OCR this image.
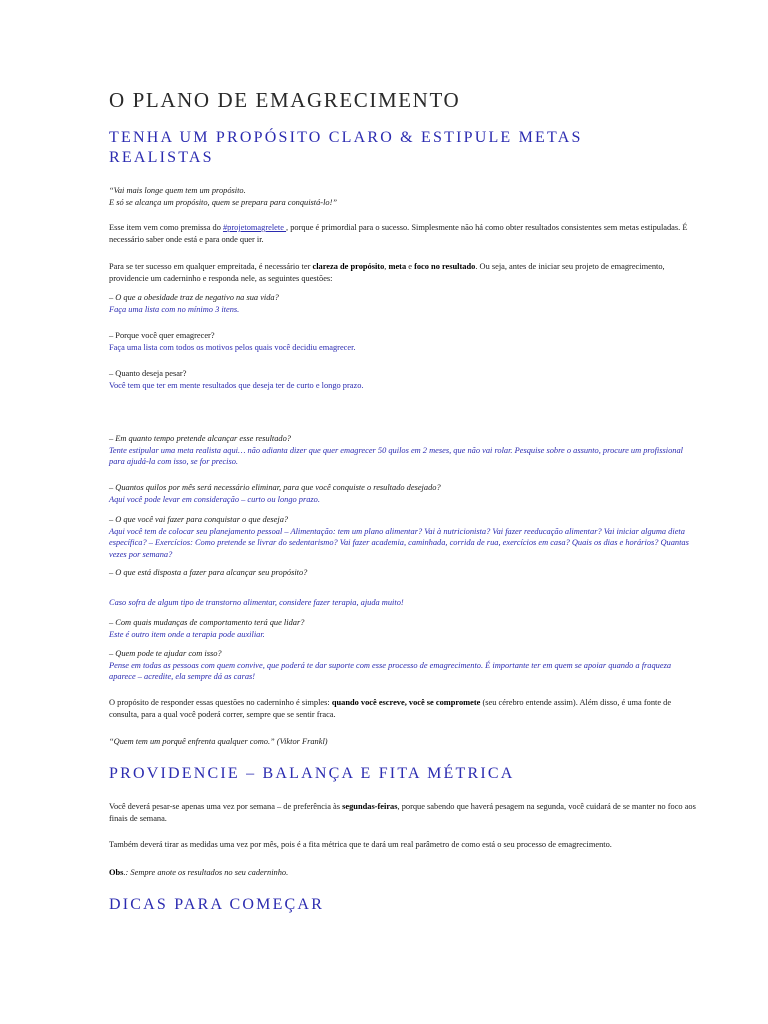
O PLANO DE EMAGRECIMENTO
TENHA UM PROPÓSITO CLARO & ESTIPULE METAS REALISTAS
“Vai mais longe quem tem um propósito.
E só se alcança um propósito, quem se prepara para conquistá-lo!”
Esse item vem como premissa do #projetomagrelete , porque é primordial para o sucesso. Simplesmente não há como obter resultados consistentes sem metas estipuladas. É necessário saber onde está e para onde quer ir.
Para se ter sucesso em qualquer empreitada, é necessário ter clareza de propósito, meta e foco no resultado. Ou seja, antes de iniciar seu projeto de emagrecimento, providencie um caderninho e responda nele, as seguintes questões:
– O que a obesidade traz de negativo na sua vida?
Faça uma lista com no mínimo 3 itens.
– Porque você quer emagrecer?
Faça uma lista com todos os motivos pelos quais você decidiu emagrecer.
– Quanto deseja pesar?
Você tem que ter em mente resultados que deseja ter de curto e longo prazo.
– Em quanto tempo pretende alcançar esse resultado?
Tente estipular uma meta realista aqui… não adianta dizer que quer emagrecer 50 quilos em 2 meses, que não vai rolar. Pesquise sobre o assunto, procure um profissional para ajudá-la com isso, se for preciso.
– Quantos quilos por mês será necessário eliminar, para que você conquiste o resultado desejado?
Aqui você pode levar em consideração – curto ou longo prazo.
– O que você vai fazer para conquistar o que deseja?
Aqui você tem de colocar seu planejamento pessoal – Alimentação: tem um plano alimentar? Vai à nutricionista? Vai fazer reeducação alimentar? Vai iniciar alguma dieta específica? – Exercícios: Como pretende se livrar do sedentarismo? Vai fazer academia, caminhada, corrida de rua, exercícios em casa? Quais os dias e horários? Quantas vezes por semana?
– O que está disposta a fazer para alcançar seu propósito?
Caso sofra de algum tipo de transtorno alimentar, considere fazer terapia, ajuda muito!
– Com quais mudanças de comportamento terá que lidar?
Este é outro item onde a terapia pode auxiliar.
– Quem pode te ajudar com isso?
Pense em todas as pessoas com quem convive, que poderá te dar suporte com esse processo de emagrecimento. É importante ter em quem se apoiar quando a fraqueza aparece – acredite, ela sempre dá as caras!
O propósito de responder essas questões no caderninho é simples: quando você escreve, você se compromete (seu cérebro entende assim). Além disso, é uma fonte de consulta, para a qual você poderá correr, sempre que se sentir fraca.
“Quem tem um porquê enfrenta qualquer como.” (Viktor Frankl)
PROVIDENCIE – BALANÇA E FITA MÉTRICA
Você deverá pesar-se apenas uma vez por semana – de preferência às segundas-feiras, porque sabendo que haverá pesagem na segunda, você cuidará de se manter no foco aos finais de semana.
Também deverá tirar as medidas uma vez por mês, pois é a fita métrica que te dará um real parâmetro de como está o seu processo de emagrecimento.
Obs.: Sempre anote os resultados no seu caderninho.
DICAS PARA COMEÇAR
